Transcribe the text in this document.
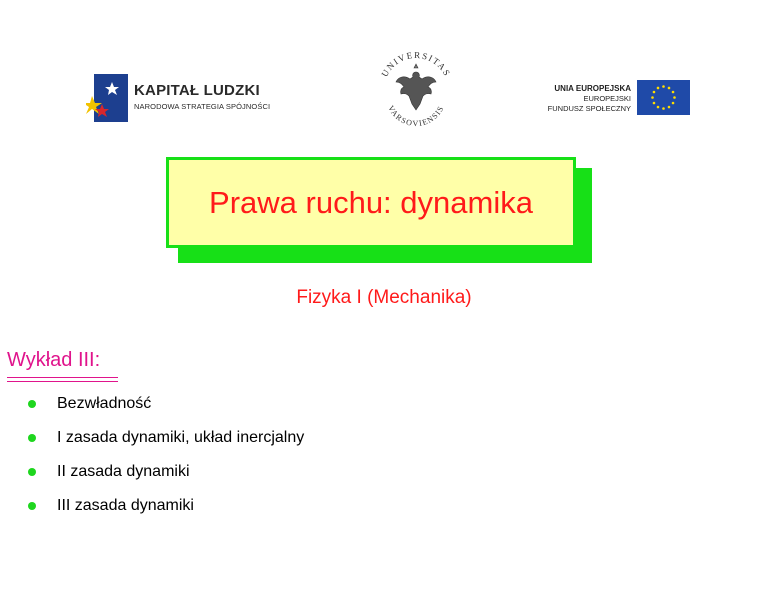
KAPITAŁ LUDZKI
NARODOWA STRATEGIA SPÓJNOŚCI
UNIVERSITAS
VARSOVIENSIS
UNIA EUROPEJSKA
EUROPEJSKI
FUNDUSZ SPOŁECZNY
Prawa ruchu: dynamika
Fizyka I (Mechanika)
Wykład III:
Bezwładność
I zasada dynamiki, układ inercjalny
II zasada dynamiki
III zasada dynamiki
